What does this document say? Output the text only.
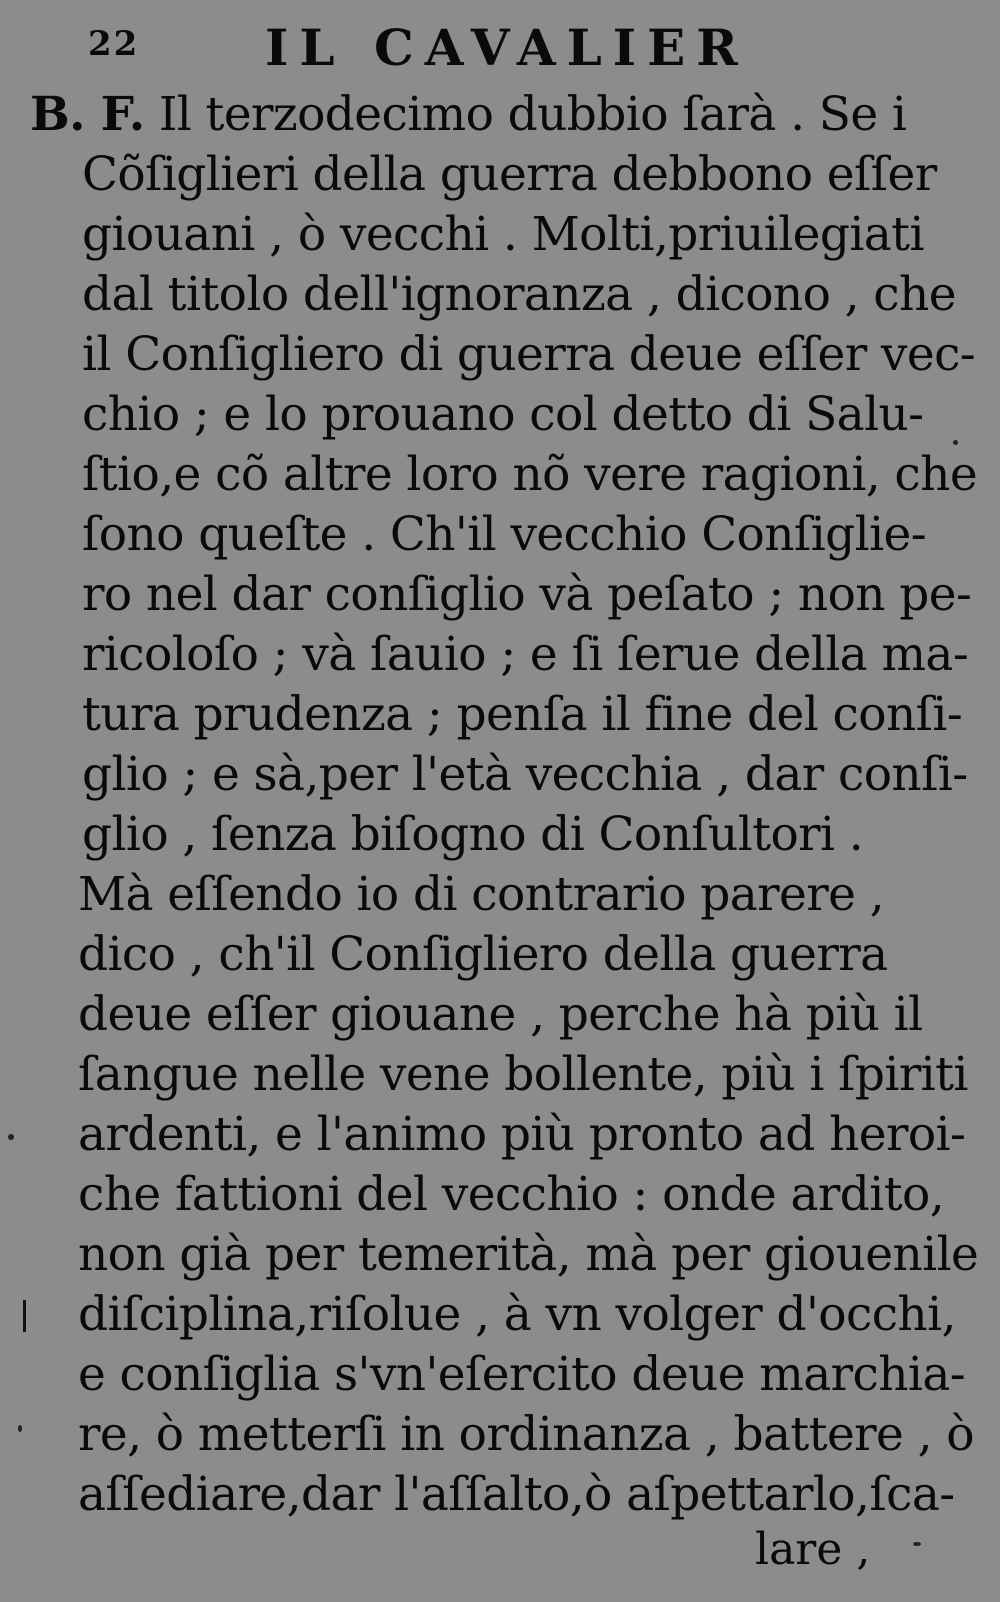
22	IL CAVALIER
B. F. Il terzodecimo dubbio ſarà . Se i
Cõſiglieri della guerra debbono eſſer
giouani , ò vecchi . Molti,priuilegiati
dal titolo dell'ignoranza , dicono , che
il Conſigliero di guerra deue eſſer vec-
chio ; e lo prouano col detto di Salu-
ſtio,e cõ altre loro nõ vere ragioni, che
ſono queſte . Ch'il vecchio Conſiglie-
ro nel dar conſiglio và peſato ; non pe-
ricoloſo ; và ſauio ; e ſi ſerue della ma-
tura prudenza ; penſa il fine del conſi-
glio ; e sà,per l'età vecchia , dar conſi-
glio , ſenza biſogno di Conſultori .
Mà eſſendo io di contrario parere ,
dico , ch'il Conſigliero della guerra
deue eſſer giouane , perche hà più il
ſangue nelle vene bollente, più i ſpiriti
ardenti, e l'animo più pronto ad heroi-
che fattioni del vecchio : onde ardito,
non già per temerità, mà per giouenile
diſciplina,riſolue , à vn volger d'occhi,
e conſiglia s'vn'eſercito deue marchia-
re, ò metterſi in ordinanza , battere , ò
aſſediare,dar l'aſſalto,ò aſpettarlo,ſca-
lare ,
